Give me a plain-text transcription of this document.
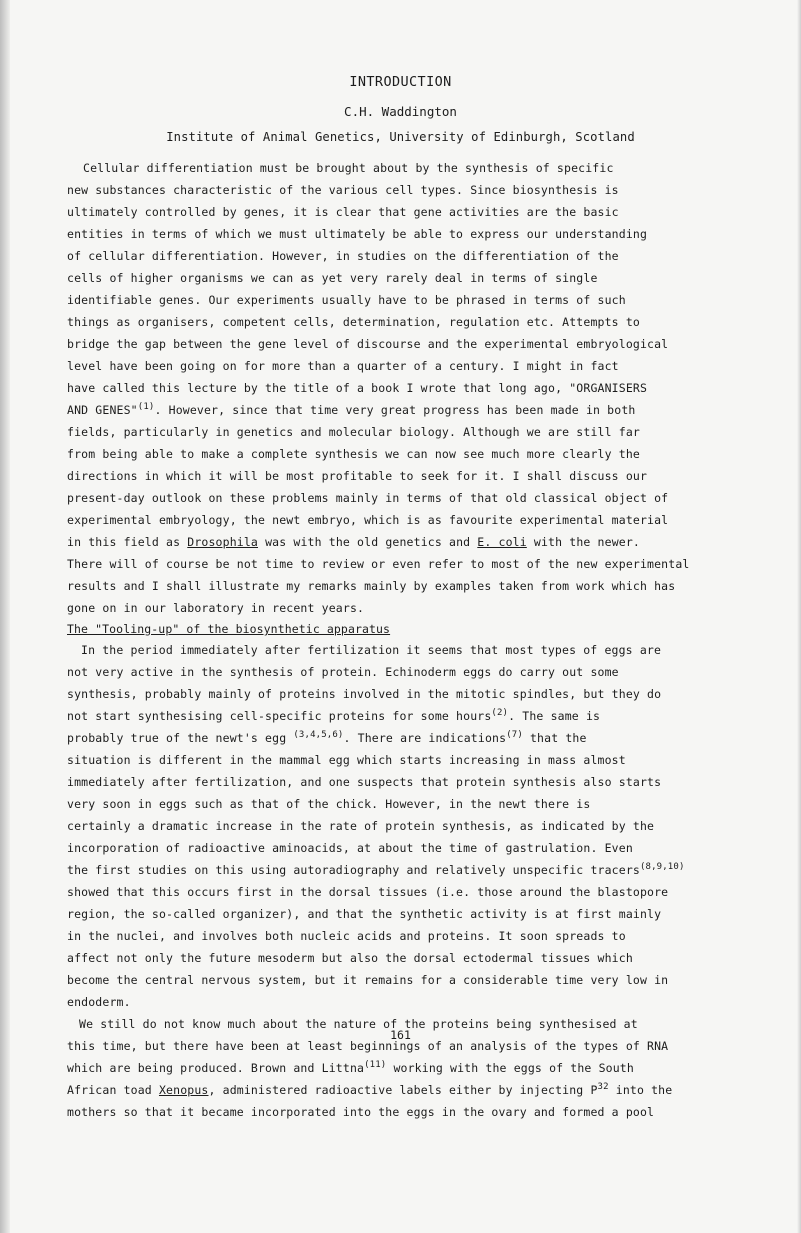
INTRODUCTION
C.H. Waddington
Institute of Animal Genetics, University of Edinburgh, Scotland
Cellular differentiation must be brought about by the synthesis of specific
new substances characteristic of the various cell types. Since biosynthesis is
ultimately controlled by genes, it is clear that gene activities are the basic
entities in terms of which we must ultimately be able to express our understanding
of cellular differentiation. However, in studies on the differentiation of the
cells of higher organisms we can as yet very rarely deal in terms of single
identifiable genes. Our experiments usually have to be phrased in terms of such
things as organisers, competent cells, determination, regulation etc. Attempts to
bridge the gap between the gene level of discourse and the experimental embryological
level have been going on for more than a quarter of a century. I might in fact
have called this lecture by the title of a book I wrote that long ago, "ORGANISERS
AND GENES"$^{(1)}$. However, since that time very great progress has been made in both
fields, particularly in genetics and molecular biology. Although we are still far
from being able to make a complete synthesis we can now see much more clearly the
directions in which it will be most profitable to seek for it. I shall discuss our
present-day outlook on these problems mainly in terms of that old classical object of
experimental embryology, the newt embryo, which is as favourite experimental material
in this field as Drosophila was with the old genetics and E. coli with the newer.
There will of course be not time to review or even refer to most of the new experimental
results and I shall illustrate my remarks mainly by examples taken from work which has
gone on in our laboratory in recent years.
The "Tooling-up" of the biosynthetic apparatus
In the period immediately after fertilization it seems that most types of eggs are
not very active in the synthesis of protein. Echinoderm eggs do carry out some
synthesis, probably mainly of proteins involved in the mitotic spindles, but they do
not start synthesising cell-specific proteins for some hours$^{(2)}$. The same is
probably true of the newt's egg $^{(3,4,5,6)}$. There are indications$^{(7)}$ that the
situation is different in the mammal egg which starts increasing in mass almost
immediately after fertilization, and one suspects that protein synthesis also starts
very soon in eggs such as that of the chick. However, in the newt there is
certainly a dramatic increase in the rate of protein synthesis, as indicated by the
incorporation of radioactive aminoacids, at about the time of gastrulation. Even
the first studies on this using autoradiography and relatively unspecific tracers$^{(8,9,10)}$
showed that this occurs first in the dorsal tissues (i.e. those around the blastopore
region, the so-called organizer), and that the synthetic activity is at first mainly
in the nuclei, and involves both nucleic acids and proteins. It soon spreads to
affect not only the future mesoderm but also the dorsal ectodermal tissues which
become the central nervous system, but it remains for a considerable time very low in
endoderm.
We still do not know much about the nature of the proteins being synthesised at
this time, but there have been at least beginnings of an analysis of the types of RNA
which are being produced. Brown and Littna$^{(11)}$ working with the eggs of the South
African toad Xenopus, administered radioactive labels either by injecting $P^{32}$ into the
mothers so that it became incorporated into the eggs in the ovary and formed a pool
161
